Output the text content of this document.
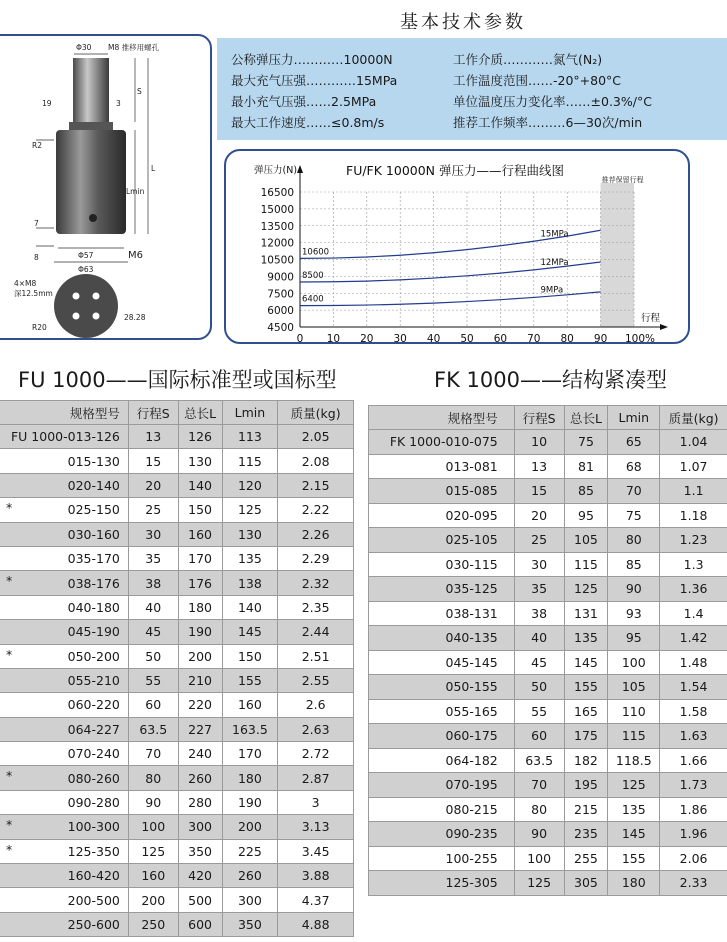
基本技术参数
Φ30 M8 推移用螺孔
19	3
S
L
Lmin
R2
7
8	Φ57
Φ63
M6
4×M8
深12.5mm
28.28
R20
公称弹压力…………10000N
最大充气压强…………15MPa
最小充气压强……2.5MPa
最大工作速度……≤0.8m/s
工作介质…………氮气(N₂)
工作温度范围……-20°+80°C
单位温度压力变化率……±0.3%/°C
推荐工作频率………6—30次/min
推荐保留行程
4500
6000
7500
9000
10500
12000
13500
15000
16500
0 10 20 30 40 50 60 70 80 90 100%
弹压力(N)
行程
FU/FK 10000N 弹压力——行程曲线图
10600
15MPa
8500
12MPa
6400
9MPa
FU 1000——国际标准型或国标型	FK 1000——结构紧凑型
规格型号	行程S	总长L	Lmin	质量(kg)

FU 1000-013-126	13	126	113	2.05

015-130	15	130	115	2.08

020-140	20	140	120	2.15

* 025-150	25	150	125	2.22

030-160	30	160	130	2.26

035-170	35	170	135	2.29

* 038-176	38	176	138	2.32

040-180	40	180	140	2.35

045-190	45	190	145	2.44

* 050-200	50	200	150	2.51

055-210	55	210	155	2.55

060-220	60	220	160	2.6

064-227	63.5	227	163.5	2.63

070-240	70	240	170	2.72

* 080-260	80	260	180	2.87

090-280	90	280	190	3

* 100-300	100	300	200	3.13

* 125-350	125	350	225	3.45

160-420	160	420	260	3.88

200-500	200	500	300	4.37

250-600	250	600	350	4.88
规格型号	行程S	总长L	Lmin	质量(kg)
FK 1000-010-075	10	75	65	1.04
013-081	13	81	68	1.07
015-085	15	85	70	1.1
020-095	20	95	75	1.18
025-105	25	105	80	1.23
030-115	30	115	85	1.3
035-125	35	125	90	1.36
038-131	38	131	93	1.4
040-135	40	135	95	1.42
045-145	45	145	100	1.48
050-155	50	155	105	1.54
055-165	55	165	110	1.58
060-175	60	175	115	1.63
064-182	63.5	182	118.5	1.66
070-195	70	195	125	1.73
080-215	80	215	135	1.86
090-235	90	235	145	1.96
100-255	100	255	155	2.06
125-305	125	305	180	2.33
